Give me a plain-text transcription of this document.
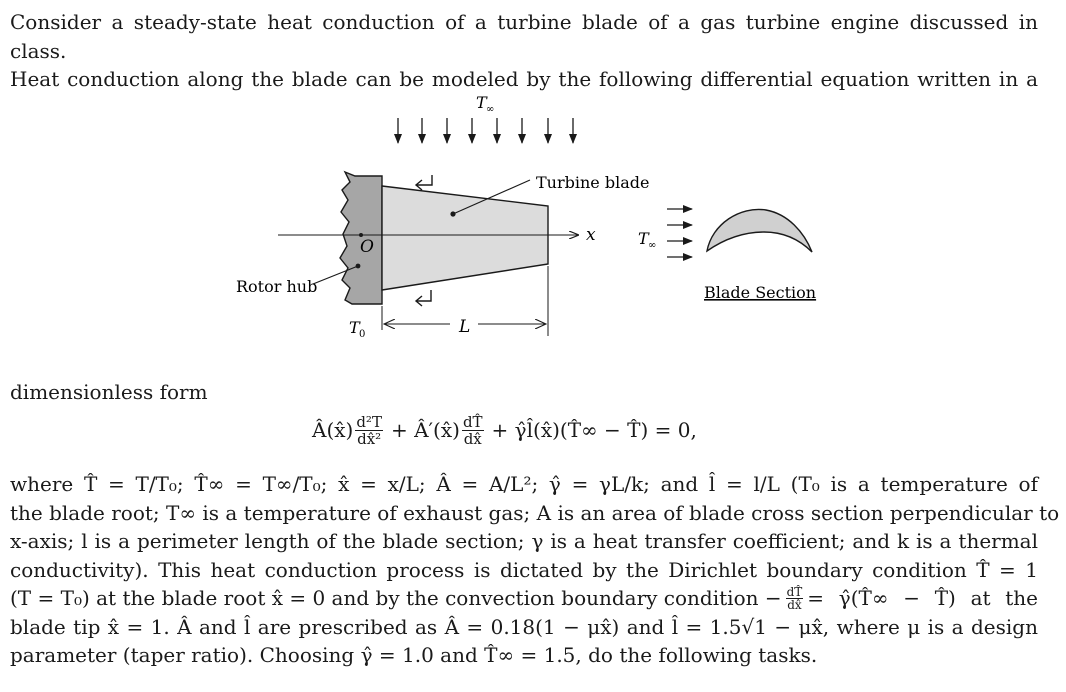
Consider a steady-state heat conduction of a turbine blade of a gas turbine engine discussed in class.
Heat conduction along the blade can be modeled by the following differential equation written in a
T ∞
x
O
Turbine blade
Rotor hub
T 0	L
T ∞
Blade Section
dimensionless form
Â(x̂) $\frac{\text{d²T}}{\text{dx̂²}}$ + Â′(x̂) $\frac{dT̂}{dx̂}$ + γ̂l̂(x̂)(T̂∞ − T̂) = 0,
where T̂ = T/T₀; T̂∞ = T∞/T₀; x̂ = x/L; Â = A/L²; γ̂ = γL/k; and l̂ = l/L (T₀ is a temperature of
the blade root; T∞ is a temperature of exhaust gas; A is an area of blade cross section perpendicular to
x-axis; l is a perimeter length of the blade section; γ is a heat transfer coefficient; and k is a thermal
conductivity). This heat conduction process is dictated by the Dirichlet boundary condition T̂ = 1
(T = T₀) at the blade root x̂ = 0 and by the convection boundary condition − $\frac{dT̂}{dx̂}$ = γ̂(T̂∞ − T̂) at the
blade tip x̂ = 1. Â and l̂ are prescribed as Â = 0.18(1 − μx̂) and l̂ = 1.5√1 − μx̂, where μ is a design
parameter (taper ratio). Choosing γ̂ = 1.0 and T̂∞ = 1.5, do the following tasks.
